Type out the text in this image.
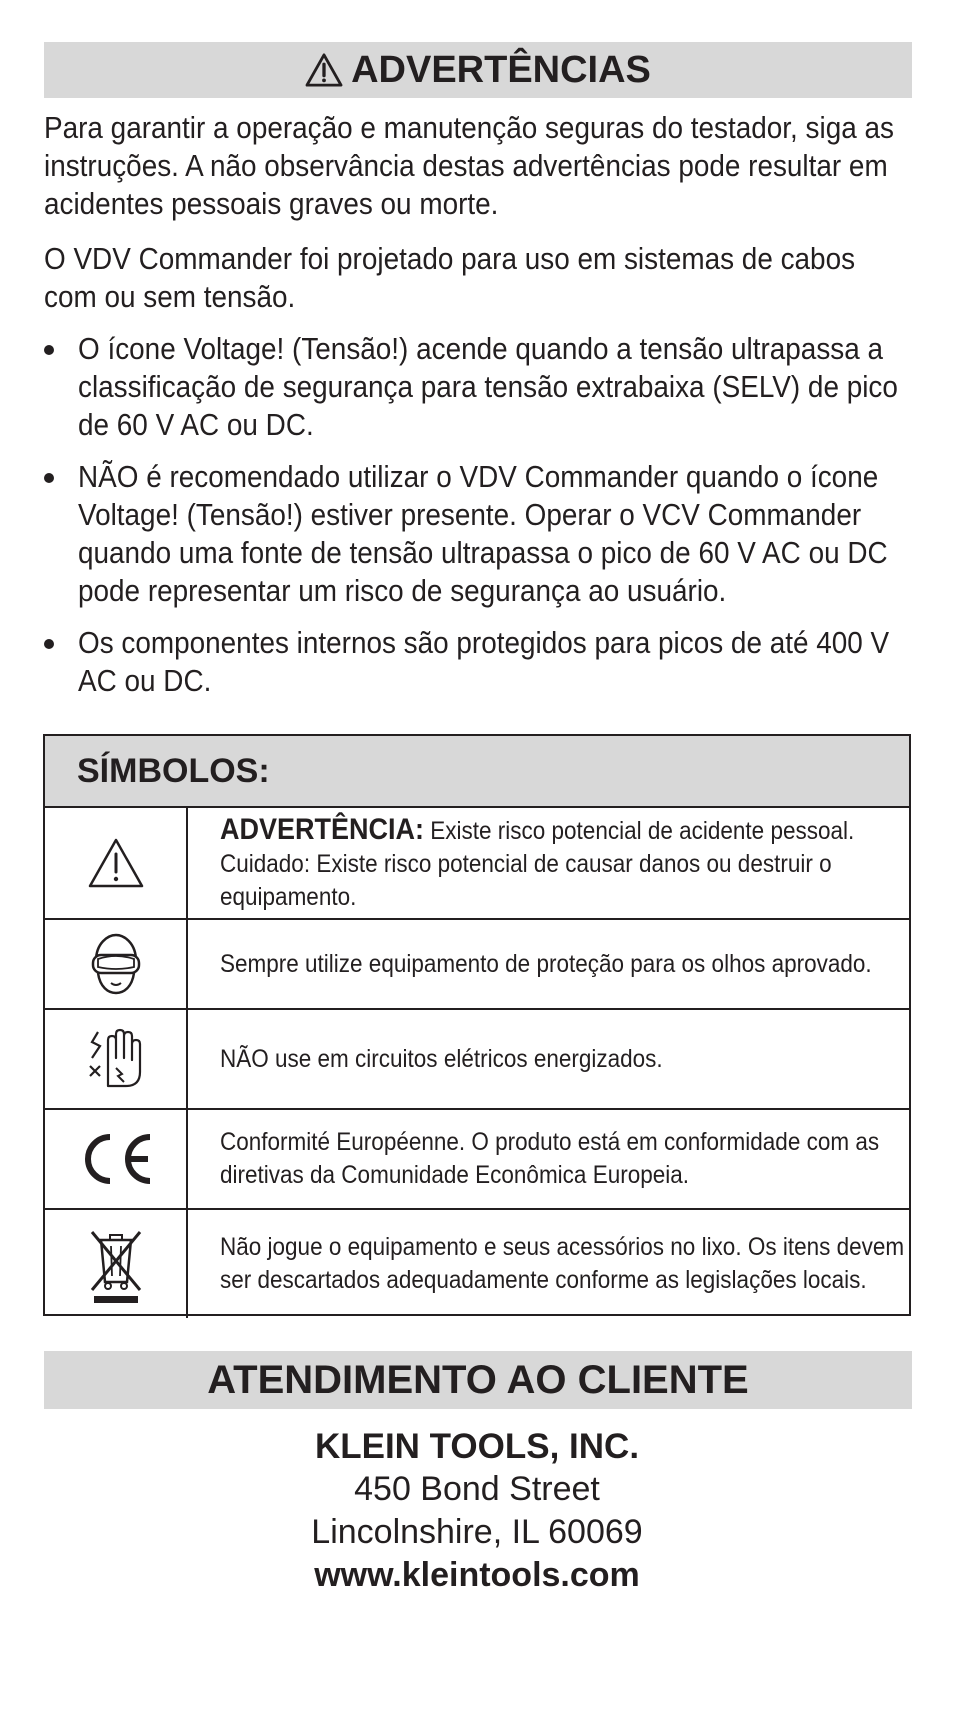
ADVERTÊNCIAS

Para garantir a operação e manutenção seguras do testador, siga as instruções. A não observância destas advertências pode resultar em acidentes pessoais graves ou morte.

O VDV Commander foi projetado para uso em sistemas de cabos com ou sem tensão.

O ícone Voltage! (Tensão!) acende quando a tensão ultrapassa a classificação de segurança para tensão extrabaixa (SELV) de pico de 60 V AC ou DC.
NÃO é recomendado utilizar o VDV Commander quando o ícone Voltage! (Tensão!) estiver presente. Operar o VCV Commander quando uma fonte de tensão ultrapassa o pico de 60 V AC ou DC pode representar um risco de segurança ao usuário.
Os componentes internos são protegidos para picos de até 400 V AC ou DC.
SÍMBOLOS:
ADVERTÊNCIA: Existe risco potencial de acidente pessoal. Cuidado: Existe risco potencial de causar danos ou destruir o equipamento.
Sempre utilize equipamento de proteção para os olhos aprovado.
NÃO use em circuitos elétricos energizados.
Conformité Européenne. O produto está em conformidade com as diretivas da Comunidade Econômica Europeia.
Não jogue o equipamento e seus acessórios no lixo. Os itens devem ser descartados adequadamente conforme as legislações locais.
ATENDIMENTO AO CLIENTE
KLEIN TOOLS, INC.
450 Bond Street
Lincolnshire, IL 60069
www.kleintools.com
